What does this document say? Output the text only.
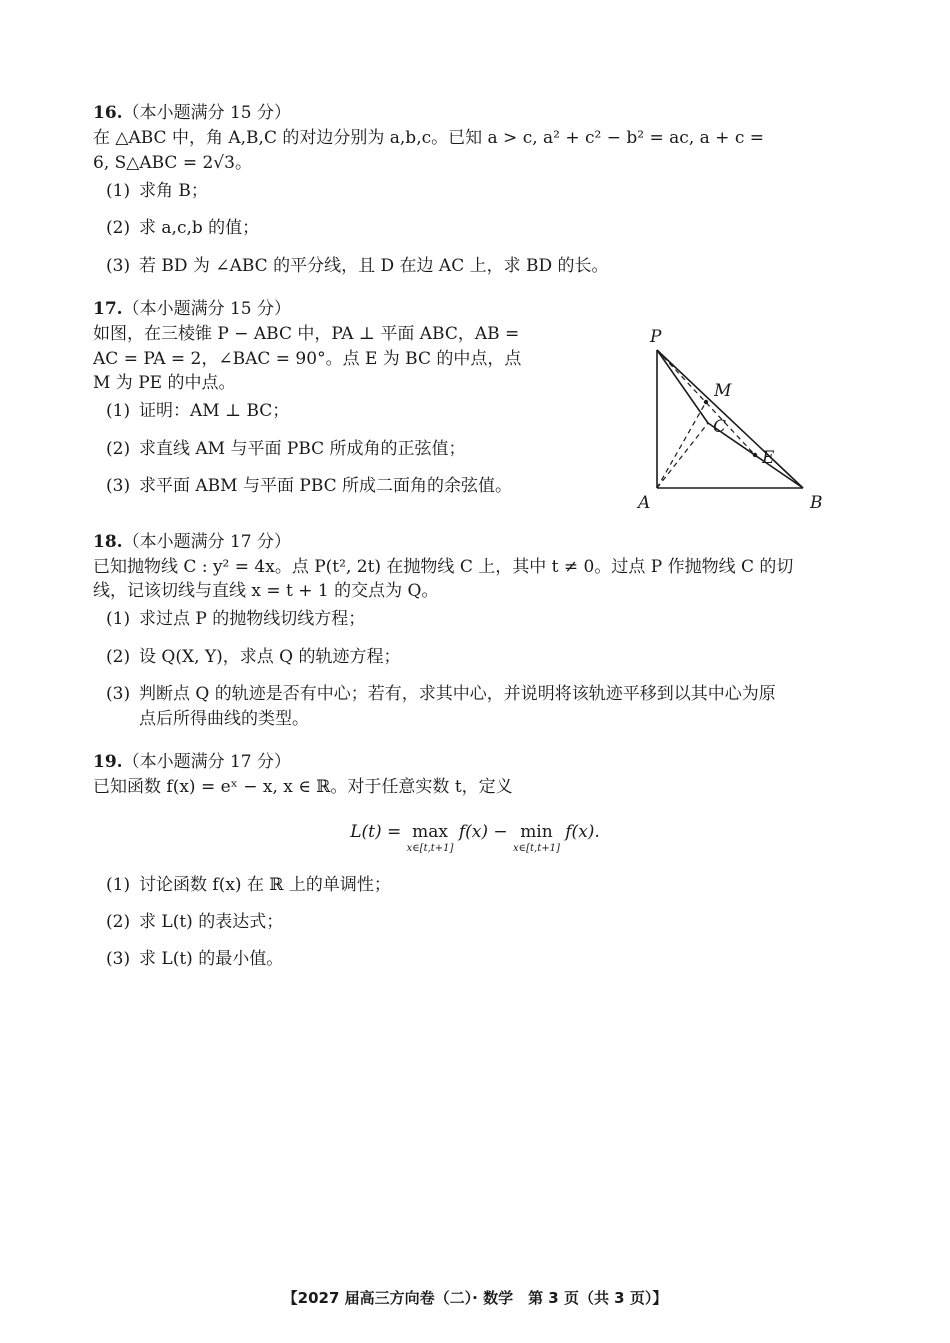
16.（本小题满分 15 分）
在 △ABC 中，角 A,B,C 的对边分别为 a,b,c。已知 a > c, a² + c² − b² = ac, a + c =
6, S△ABC = 2√3。
(1) 求角 B；
(2) 求 a,c,b 的值；
(3) 若 BD 为 ∠ABC 的平分线，且 D 在边 AC 上，求 BD 的长。
17.（本小题满分 15 分）
如图，在三棱锥 P − ABC 中，PA ⊥ 平面 ABC，AB =
AC = PA = 2，∠BAC = 90°。点 E 为 BC 的中点，点
M 为 PE 的中点。
(1) 证明：AM ⊥ BC；
(2) 求直线 AM 与平面 PBC 所成角的正弦值；
(3) 求平面 ABM 与平面 PBC 所成二面角的余弦值。
P
M
C
E
A	B
18.（本小题满分 17 分）
已知抛物线 C : y² = 4x。点 P(t², 2t) 在抛物线 C 上，其中 t ≠ 0。过点 P 作抛物线 C 的切
线，记该切线与直线 x = t + 1 的交点为 Q。
(1) 求过点 P 的抛物线切线方程；
(2) 设 Q(X, Y)，求点 Q 的轨迹方程；
(3) 判断点 Q 的轨迹是否有中心；若有，求其中心，并说明将该轨迹平移到以其中心为原
点后所得曲线的类型。
19.（本小题满分 17 分）
已知函数 f(x) = eˣ − x, x ∈ ℝ。对于任意实数 t，定义
L(t) = max
x∈[t,t+1]
f(x) − min
x∈[t,t+1]
f(x).
(1) 讨论函数 f(x) 在 ℝ 上的单调性；
(2) 求 L(t) 的表达式；
(3) 求 L(t) 的最小值。
【2027 届高三方向卷（二）· 数学　第 3 页（共 3 页）】
